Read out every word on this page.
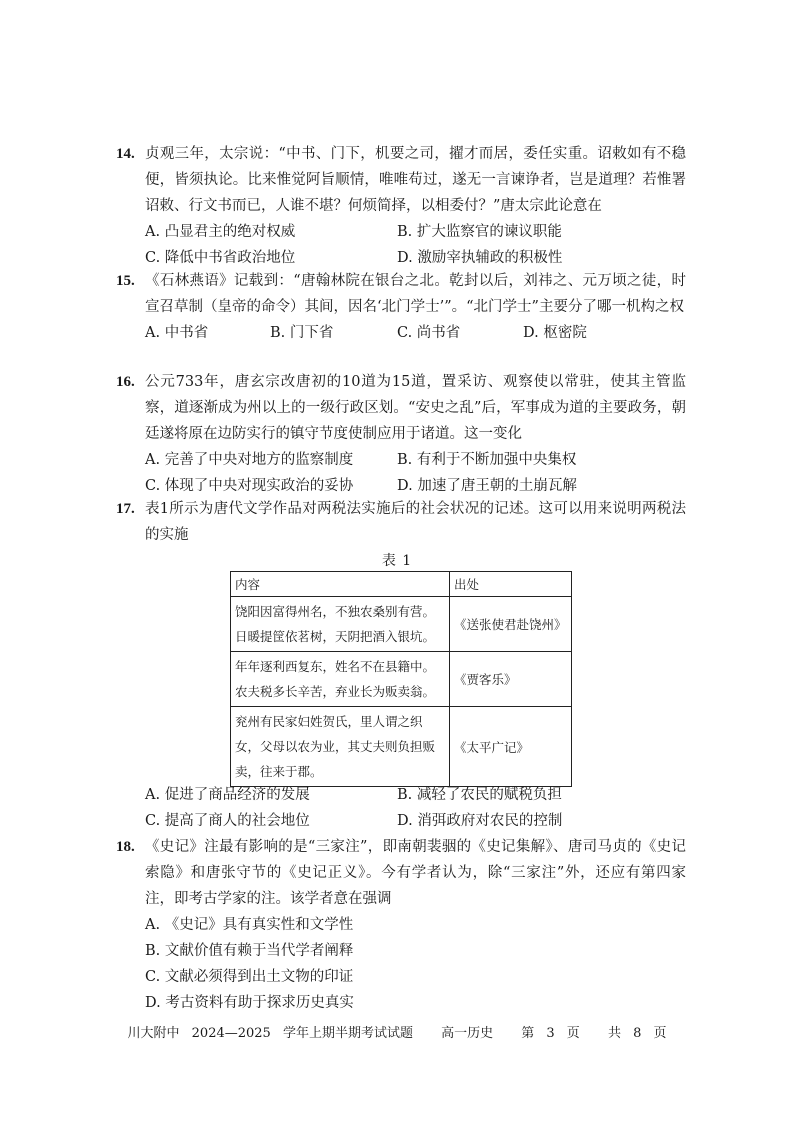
14. 贞观三年，太宗说：“中书、门下，机要之司，擢才而居，委任实重。诏敕如有不稳便，皆须执论。比来惟觉阿旨顺情，唯唯苟过，遂无一言谏诤者，岂是道理？若惟署诏敕、行文书而已，人谁不堪？何烦简择，以相委付？”唐太宗此论意在
A. 凸显君主的绝对权威	B. 扩大监察官的谏议职能
C. 降低中书省政治地位	D. 激励宰执辅政的积极性
15. 《石林燕语》记载到：“唐翰林院在银台之北。乾封以后，刘祎之、元万顷之徒，时宣召草制（皇帝的命令）其间，因名‘北门学士’”。“北门学士”主要分了哪一机构之权
A. 中书省	B. 门下省	C. 尚书省	D. 枢密院
16. 公元733年，唐玄宗改唐初的10道为15道，置采访、观察使以常驻，使其主管监察，道逐渐成为州以上的一级行政区划。“安史之乱”后，军事成为道的主要政务，朝廷遂将原在边防实行的镇守节度使制应用于诸道。这一变化
A. 完善了中央对地方的监察制度	B. 有利于不断加强中央集权
C. 体现了中央对现实政治的妥协	D. 加速了唐王朝的土崩瓦解
17. 表1所示为唐代文学作品对两税法实施后的社会状况的记述。这可以用来说明两税法的实施
表 1
内容	出处
饶阳因富得州名，不独农桑别有营。日暖提筐依茗树，天阴把酒入银坑。	《送张使君赴饶州》
年年逐利西复东，姓名不在县籍中。农夫税多长辛苦，弃业长为贩卖翁。	《贾客乐》
兖州有民家妇姓贺氏，里人谓之织女，父母以农为业，其丈夫则负担贩卖，往来于郡。	《太平广记》
A. 促进了商品经济的发展	B. 减轻了农民的赋税负担
C. 提高了商人的社会地位	D. 消弭政府对农民的控制
18. 《史记》注最有影响的是“三家注”，即南朝裴骃的《史记集解》、唐司马贞的《史记索隐》和唐张守节的《史记正义》。今有学者认为，除“三家注”外，还应有第四家注，即考古学家的注。该学者意在强调
A. 《史记》具有真实性和文学性
B. 文献价值有赖于当代学者阐释
C. 文献必须得到出土文物的印证
D. 考古资料有助于探求历史真实
川大附中 2024—2025 学年上期半期考试试题 高一历史 第 3 页 共 8 页
